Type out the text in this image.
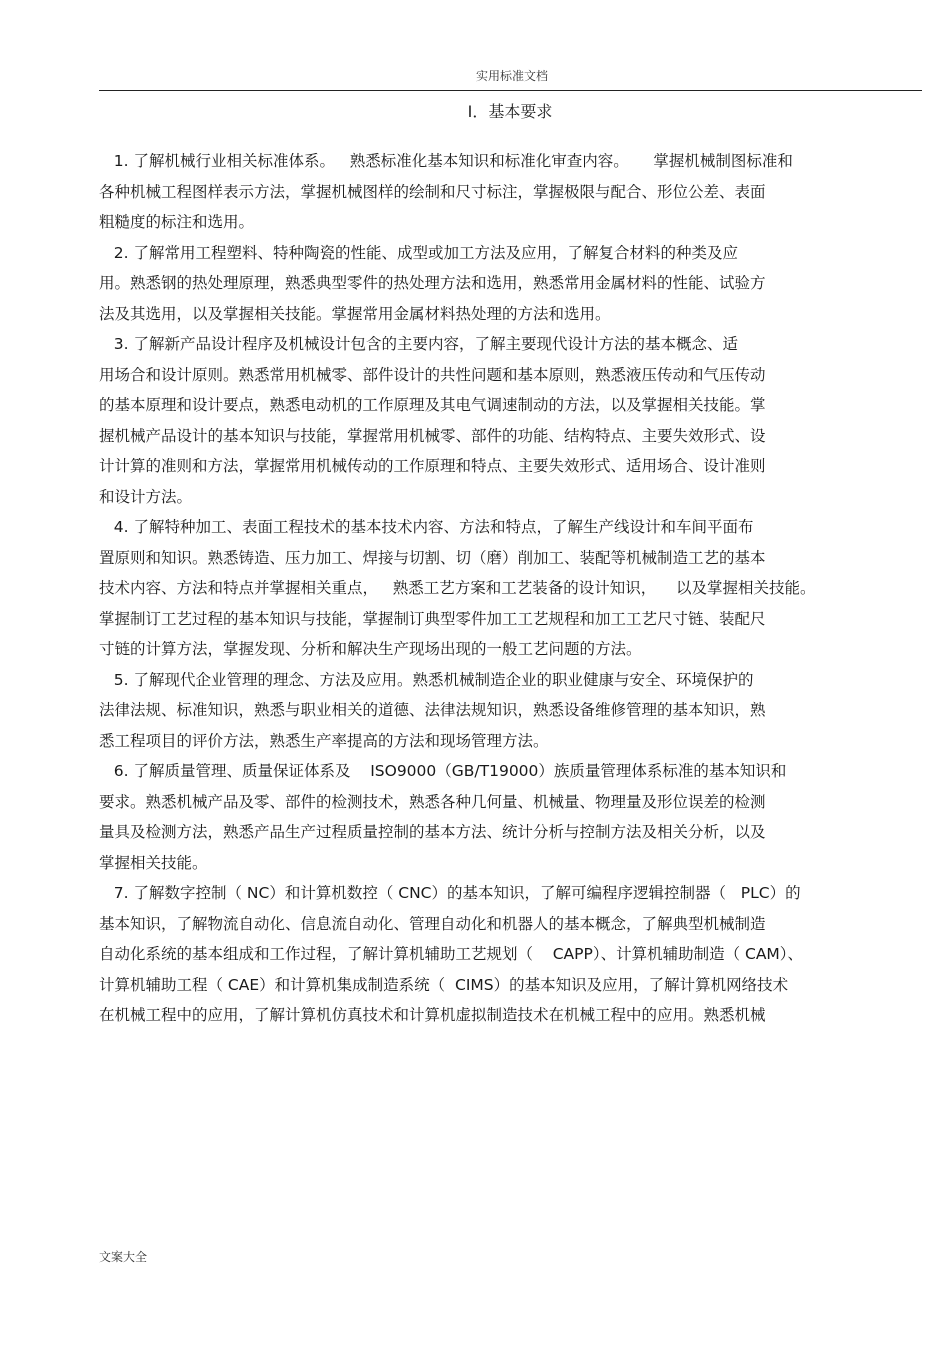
实用标准文档
Ⅰ．基本要求
1. 了解机械行业相关标准体系。   熟悉标准化基本知识和标准化审查内容。     掌握机械制图标准和
各种机械工程图样表示方法，掌握机械图样的绘制和尺寸标注，掌握极限与配合、形位公差、表面
粗糙度的标注和选用。
2. 了解常用工程塑料、特种陶瓷的性能、成型或加工方法及应用，了解复合材料的种类及应
用。熟悉钢的热处理原理，熟悉典型零件的热处理方法和选用，熟悉常用金属材料的性能、试验方
法及其选用，以及掌握相关技能。掌握常用金属材料热处理的方法和选用。
3. 了解新产品设计程序及机械设计包含的主要内容，了解主要现代设计方法的基本概念、适
用场合和设计原则。熟悉常用机械零、部件设计的共性问题和基本原则，熟悉液压传动和气压传动
的基本原理和设计要点，熟悉电动机的工作原理及其电气调速制动的方法，以及掌握相关技能。掌
握机械产品设计的基本知识与技能，掌握常用机械零、部件的功能、结构特点、主要失效形式、设
计计算的准则和方法，掌握常用机械传动的工作原理和特点、主要失效形式、适用场合、设计准则
和设计方法。
4. 了解特种加工、表面工程技术的基本技术内容、方法和特点，了解生产线设计和车间平面布
置原则和知识。熟悉铸造、压力加工、焊接与切割、切（磨）削加工、装配等机械制造工艺的基本
技术内容、方法和特点并掌握相关重点，   熟悉工艺方案和工艺装备的设计知识，    以及掌握相关技能。
掌握制订工艺过程的基本知识与技能，掌握制订典型零件加工工艺规程和加工工艺尺寸链、装配尺
寸链的计算方法，掌握发现、分析和解决生产现场出现的一般工艺问题的方法。
5. 了解现代企业管理的理念、方法及应用。熟悉机械制造企业的职业健康与安全、环境保护的
法律法规、标准知识，熟悉与职业相关的道德、法律法规知识，熟悉设备维修管理的基本知识，熟
悉工程项目的评价方法，熟悉生产率提高的方法和现场管理方法。
6. 了解质量管理、质量保证体系及    ISO9000（GB/T19000）族质量管理体系标准的基本知识和
要求。熟悉机械产品及零、部件的检测技术，熟悉各种几何量、机械量、物理量及形位误差的检测
量具及检测方法，熟悉产品生产过程质量控制的基本方法、统计分析与控制方法及相关分析，以及
掌握相关技能。
7. 了解数字控制（ NC）和计算机数控（ CNC）的基本知识，了解可编程序逻辑控制器（   PLC）的
基本知识，了解物流自动化、信息流自动化、管理自动化和机器人的基本概念，了解典型机械制造
自动化系统的基本组成和工作过程，了解计算机辅助工艺规划（    CAPP）、计算机辅助制造（ CAM）、
计算机辅助工程（ CAE）和计算机集成制造系统（  CIMS）的基本知识及应用，了解计算机网络技术
在机械工程中的应用，了解计算机仿真技术和计算机虚拟制造技术在机械工程中的应用。熟悉机械
文案大全
